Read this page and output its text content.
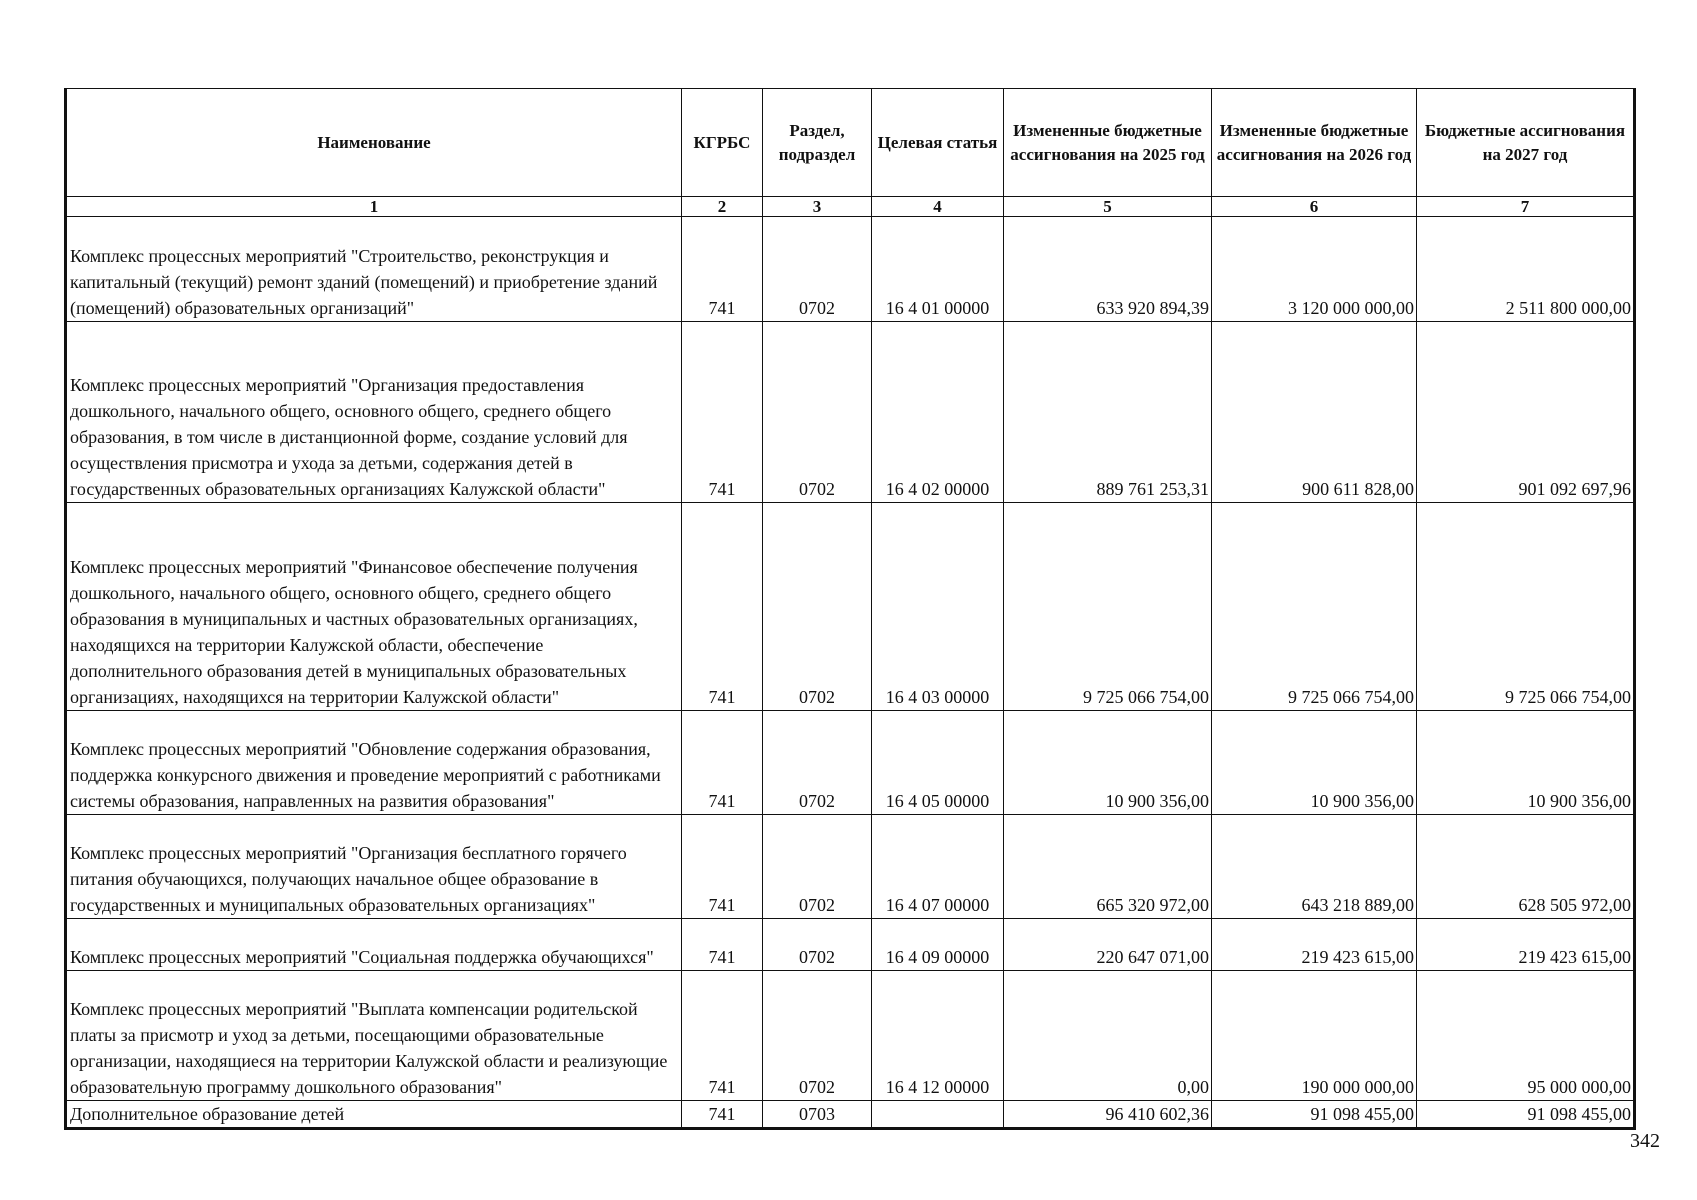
Наименование	КГРБС	Раздел, подраздел	Целевая статья	Измененные бюджетные ассигнования на 2025 год	Измененные бюджетные ассигнования на 2026 год	Бюджетные ассигнования на 2027 год
1	2	3	4	5	6	7
Комплекс процессных мероприятий "Строительство, реконструкция и капитальный (текущий) ремонт зданий (помещений) и приобретение зданий (помещений) образовательных организаций"	741	0702	16 4 01 00000	633 920 894,39	3 120 000 000,00	2 511 800 000,00
Комплекс процессных мероприятий "Организация предоставления дошкольного, начального общего, основного общего, среднего общего образования, в том числе в дистанционной форме, создание условий для осуществления присмотра и ухода за детьми, содержания детей в государственных образовательных организациях Калужской области"	741	0702	16 4 02 00000	889 761 253,31	900 611 828,00	901 092 697,96
Комплекс процессных мероприятий "Финансовое обеспечение получения дошкольного, начального общего, основного общего, среднего общего образования в муниципальных и частных образовательных организациях, находящихся на территории Калужской области, обеспечение дополнительного образования детей в муниципальных образовательных организациях, находящихся на территории Калужской области"	741	0702	16 4 03 00000	9 725 066 754,00	9 725 066 754,00	9 725 066 754,00
Комплекс процессных мероприятий "Обновление содержания образования, поддержка конкурсного движения и проведение мероприятий с работниками системы образования, направленных на развития образования"	741	0702	16 4 05 00000	10 900 356,00	10 900 356,00	10 900 356,00
Комплекс процессных мероприятий "Организация бесплатного горячего питания обучающихся, получающих начальное общее образование в государственных и муниципальных образовательных организациях"	741	0702	16 4 07 00000	665 320 972,00	643 218 889,00	628 505 972,00
Комплекс процессных мероприятий "Социальная поддержка обучающихся"	741	0702	16 4 09 00000	220 647 071,00	219 423 615,00	219 423 615,00
Комплекс процессных мероприятий "Выплата компенсации родительской платы за присмотр и уход за детьми, посещающими образовательные организации, находящиеся на территории Калужской области и реализующие образовательную программу дошкольного образования"	741	0702	16 4 12 00000	0,00	190 000 000,00	95 000 000,00
Дополнительное образование детей	741	0703		96 410 602,36	91 098 455,00	91 098 455,00
342
